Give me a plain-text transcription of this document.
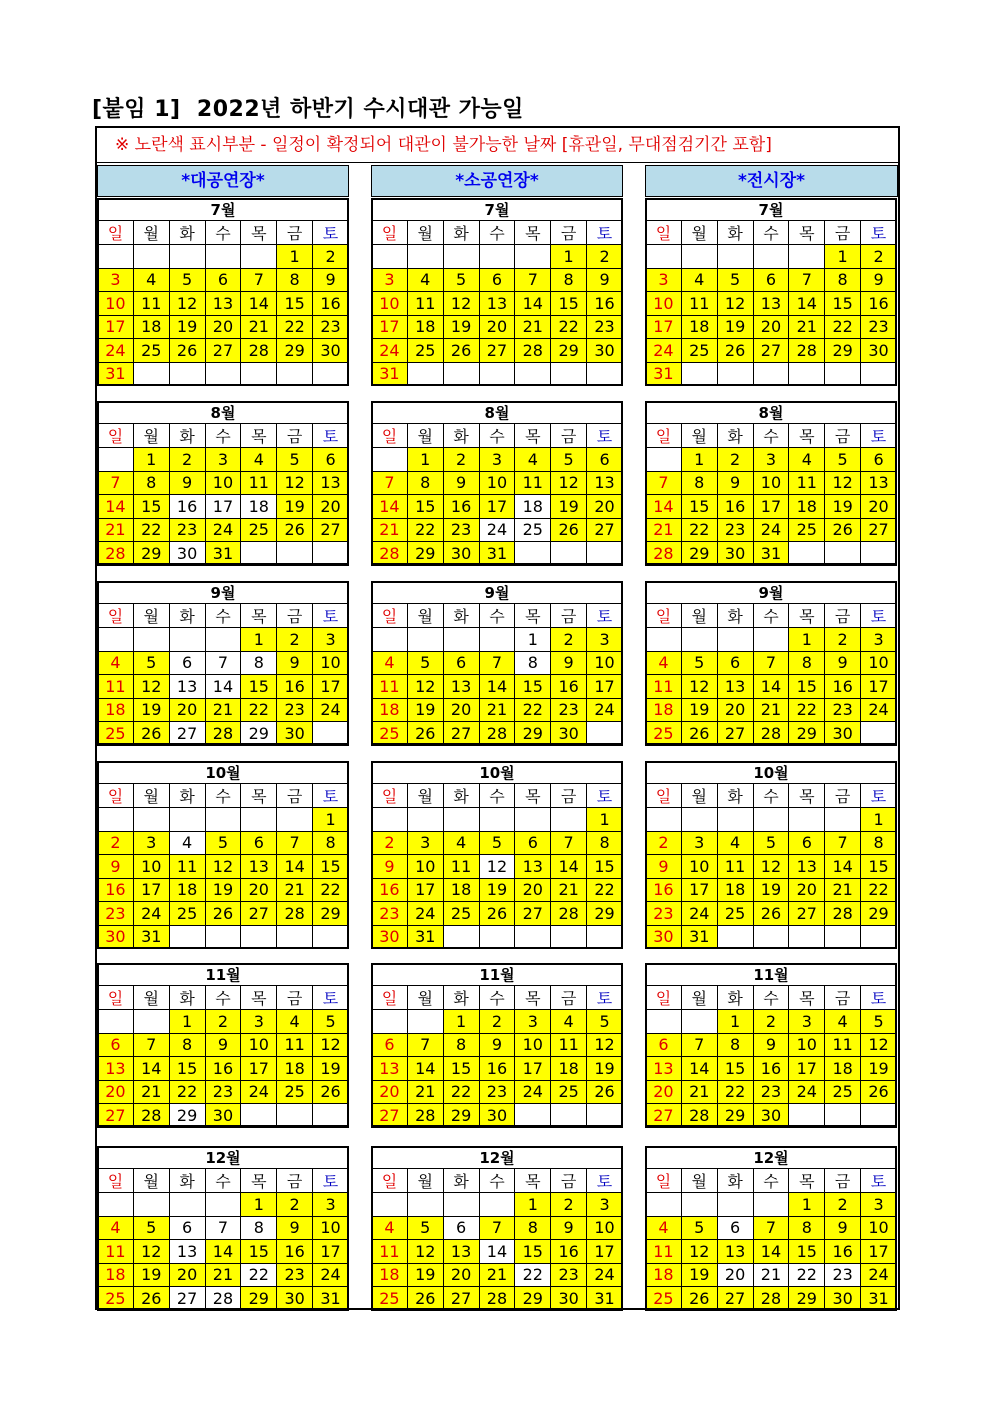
[붙임 1]  2022년 하반기 수시대관 가능일
※ 노란색 표시부분 - 일정이 확정되어 대관이 불가능한 날짜 [휴관일, 무대점검기간 포함]
*대공연장*	*소공연장*	*전시장*
7월
일	월	화	수	목	금	토
					1	2
3	4	5	6	7	8	9
10	11	12	13	14	15	16
17	18	19	20	21	22	23
24	25	26	27	28	29	30
31						
8월
일	월	화	수	목	금	토
	1	2	3	4	5	6
7	8	9	10	11	12	13
14	15	16	17	18	19	20
21	22	23	24	25	26	27
28	29	30	31			
9월
일	월	화	수	목	금	토
				1	2	3
4	5	6	7	8	9	10
11	12	13	14	15	16	17
18	19	20	21	22	23	24
25	26	27	28	29	30	
10월
일	월	화	수	목	금	토
						1
2	3	4	5	6	7	8
9	10	11	12	13	14	15
16	17	18	19	20	21	22
23	24	25	26	27	28	29
30	31					
11월
일	월	화	수	목	금	토
		1	2	3	4	5
6	7	8	9	10	11	12
13	14	15	16	17	18	19
20	21	22	23	24	25	26
27	28	29	30			
12월
일	월	화	수	목	금	토
				1	2	3
4	5	6	7	8	9	10
11	12	13	14	15	16	17
18	19	20	21	22	23	24
25	26	27	28	29	30	31
7월
일	월	화	수	목	금	토
					1	2
3	4	5	6	7	8	9
10	11	12	13	14	15	16
17	18	19	20	21	22	23
24	25	26	27	28	29	30
31						
8월
일	월	화	수	목	금	토
	1	2	3	4	5	6
7	8	9	10	11	12	13
14	15	16	17	18	19	20
21	22	23	24	25	26	27
28	29	30	31			
9월
일	월	화	수	목	금	토
				1	2	3
4	5	6	7	8	9	10
11	12	13	14	15	16	17
18	19	20	21	22	23	24
25	26	27	28	29	30	
10월
일	월	화	수	목	금	토
						1
2	3	4	5	6	7	8
9	10	11	12	13	14	15
16	17	18	19	20	21	22
23	24	25	26	27	28	29
30	31					
11월
일	월	화	수	목	금	토
		1	2	3	4	5
6	7	8	9	10	11	12
13	14	15	16	17	18	19
20	21	22	23	24	25	26
27	28	29	30			
12월
일	월	화	수	목	금	토
				1	2	3
4	5	6	7	8	9	10
11	12	13	14	15	16	17
18	19	20	21	22	23	24
25	26	27	28	29	30	31
7월
일	월	화	수	목	금	토
					1	2
3	4	5	6	7	8	9
10	11	12	13	14	15	16
17	18	19	20	21	22	23
24	25	26	27	28	29	30
31						
8월
일	월	화	수	목	금	토
	1	2	3	4	5	6
7	8	9	10	11	12	13
14	15	16	17	18	19	20
21	22	23	24	25	26	27
28	29	30	31			
9월
일	월	화	수	목	금	토
				1	2	3
4	5	6	7	8	9	10
11	12	13	14	15	16	17
18	19	20	21	22	23	24
25	26	27	28	29	30	
10월
일	월	화	수	목	금	토
						1
2	3	4	5	6	7	8
9	10	11	12	13	14	15
16	17	18	19	20	21	22
23	24	25	26	27	28	29
30	31					
11월
일	월	화	수	목	금	토
		1	2	3	4	5
6	7	8	9	10	11	12
13	14	15	16	17	18	19
20	21	22	23	24	25	26
27	28	29	30			
12월
일	월	화	수	목	금	토
				1	2	3
4	5	6	7	8	9	10
11	12	13	14	15	16	17
18	19	20	21	22	23	24
25	26	27	28	29	30	31
